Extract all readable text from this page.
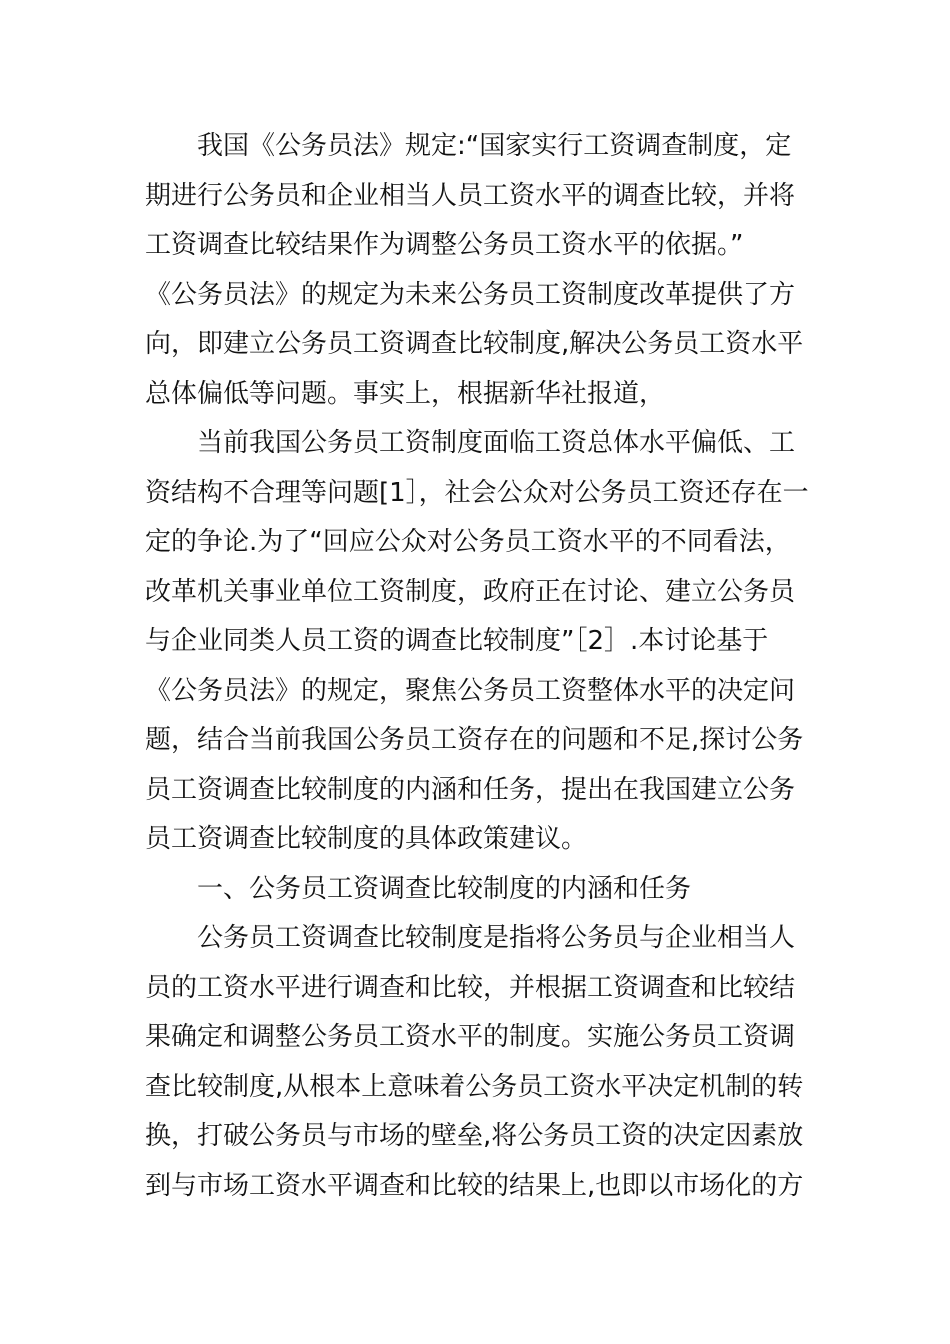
我国《公务员法》规定:“国家实行工资调查制度，定
期进行公务员和企业相当人员工资水平的调查比较，并将
工资调查比较结果作为调整公务员工资水平的依据。”
《公务员法》的规定为未来公务员工资制度改革提供了方
向，即建立公务员工资调查比较制度,解决公务员工资水平
总体偏低等问题。事实上，根据新华社报道，
当前我国公务员工资制度面临工资总体水平偏低、工
资结构不合理等问题[1］，社会公众对公务员工资还存在一
定的争论.为了“回应公众对公务员工资水平的不同看法，
改革机关事业单位工资制度，政府正在讨论、建立公务员
与企业同类人员工资的调查比较制度”［2］.本讨论基于
《公务员法》的规定，聚焦公务员工资整体水平的决定问
题，结合当前我国公务员工资存在的问题和不足,探讨公务
员工资调查比较制度的内涵和任务，提出在我国建立公务
员工资调查比较制度的具体政策建议。
一、公务员工资调查比较制度的内涵和任务
公务员工资调查比较制度是指将公务员与企业相当人
员的工资水平进行调查和比较，并根据工资调查和比较结
果确定和调整公务员工资水平的制度。实施公务员工资调
查比较制度,从根本上意味着公务员工资水平决定机制的转
换，打破公务员与市场的壁垒,将公务员工资的决定因素放
到与市场工资水平调查和比较的结果上,也即以市场化的方
